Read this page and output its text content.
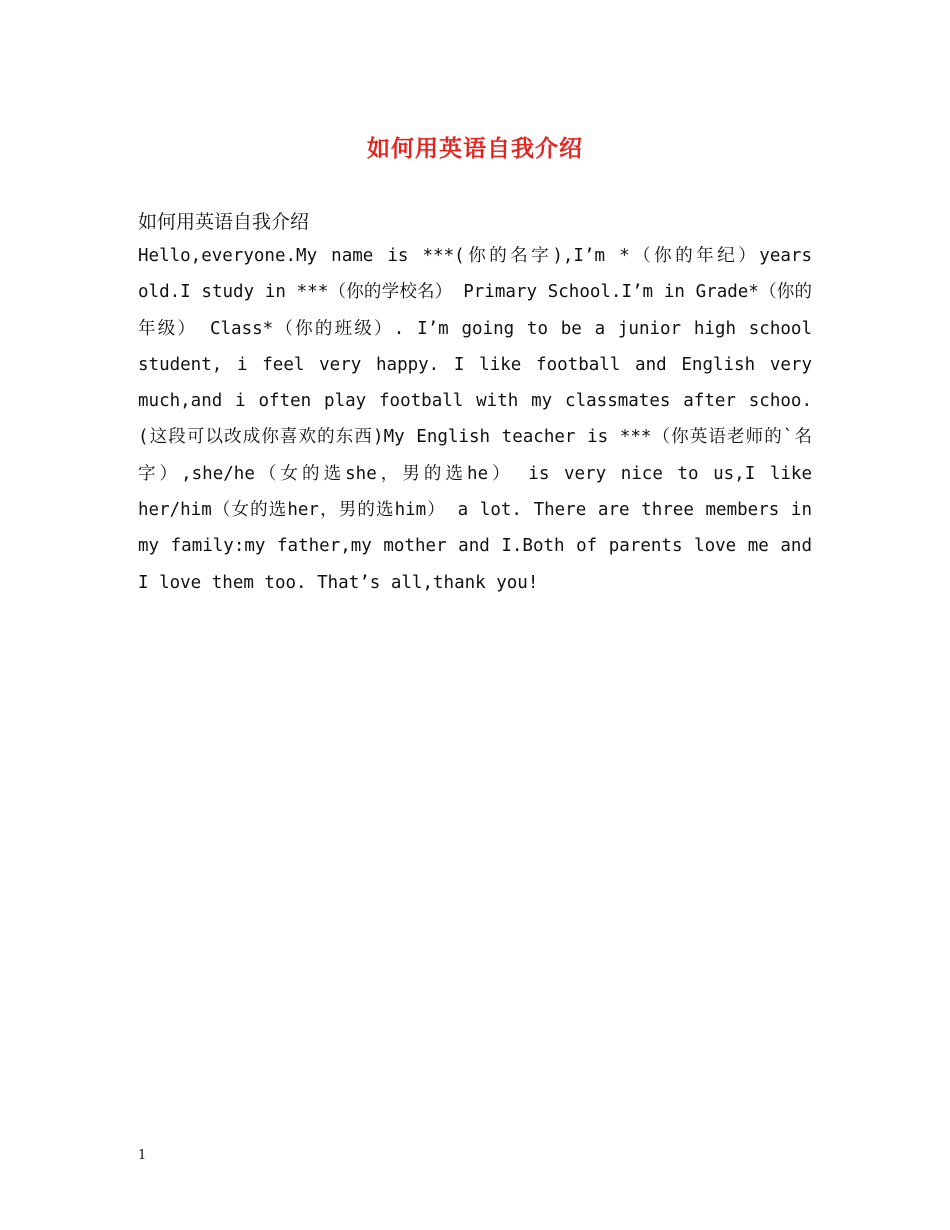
如何用英语自我介绍
如何用英语自我介绍
Hello,everyone.My name is ***(你的名字),I’m *（你的年纪）years old.I study in ***（你的学校名） Primary School.I’m in Grade*（你的年级） Class*（你的班级）. I’m going to be a junior high school student, i feel very happy. I like football and English very much,and i often play football with my classmates after schoo.(这段可以改成你喜欢的东西)My English teacher is ***（你英语老师的`名字）,she/he（女的选she，男的选he） is very nice to us,I like her/him（女的选her，男的选him） a lot. There are three members in my family:my father,my mother and I.Both of parents love me and I love them too. That’s all,thank you!
1
